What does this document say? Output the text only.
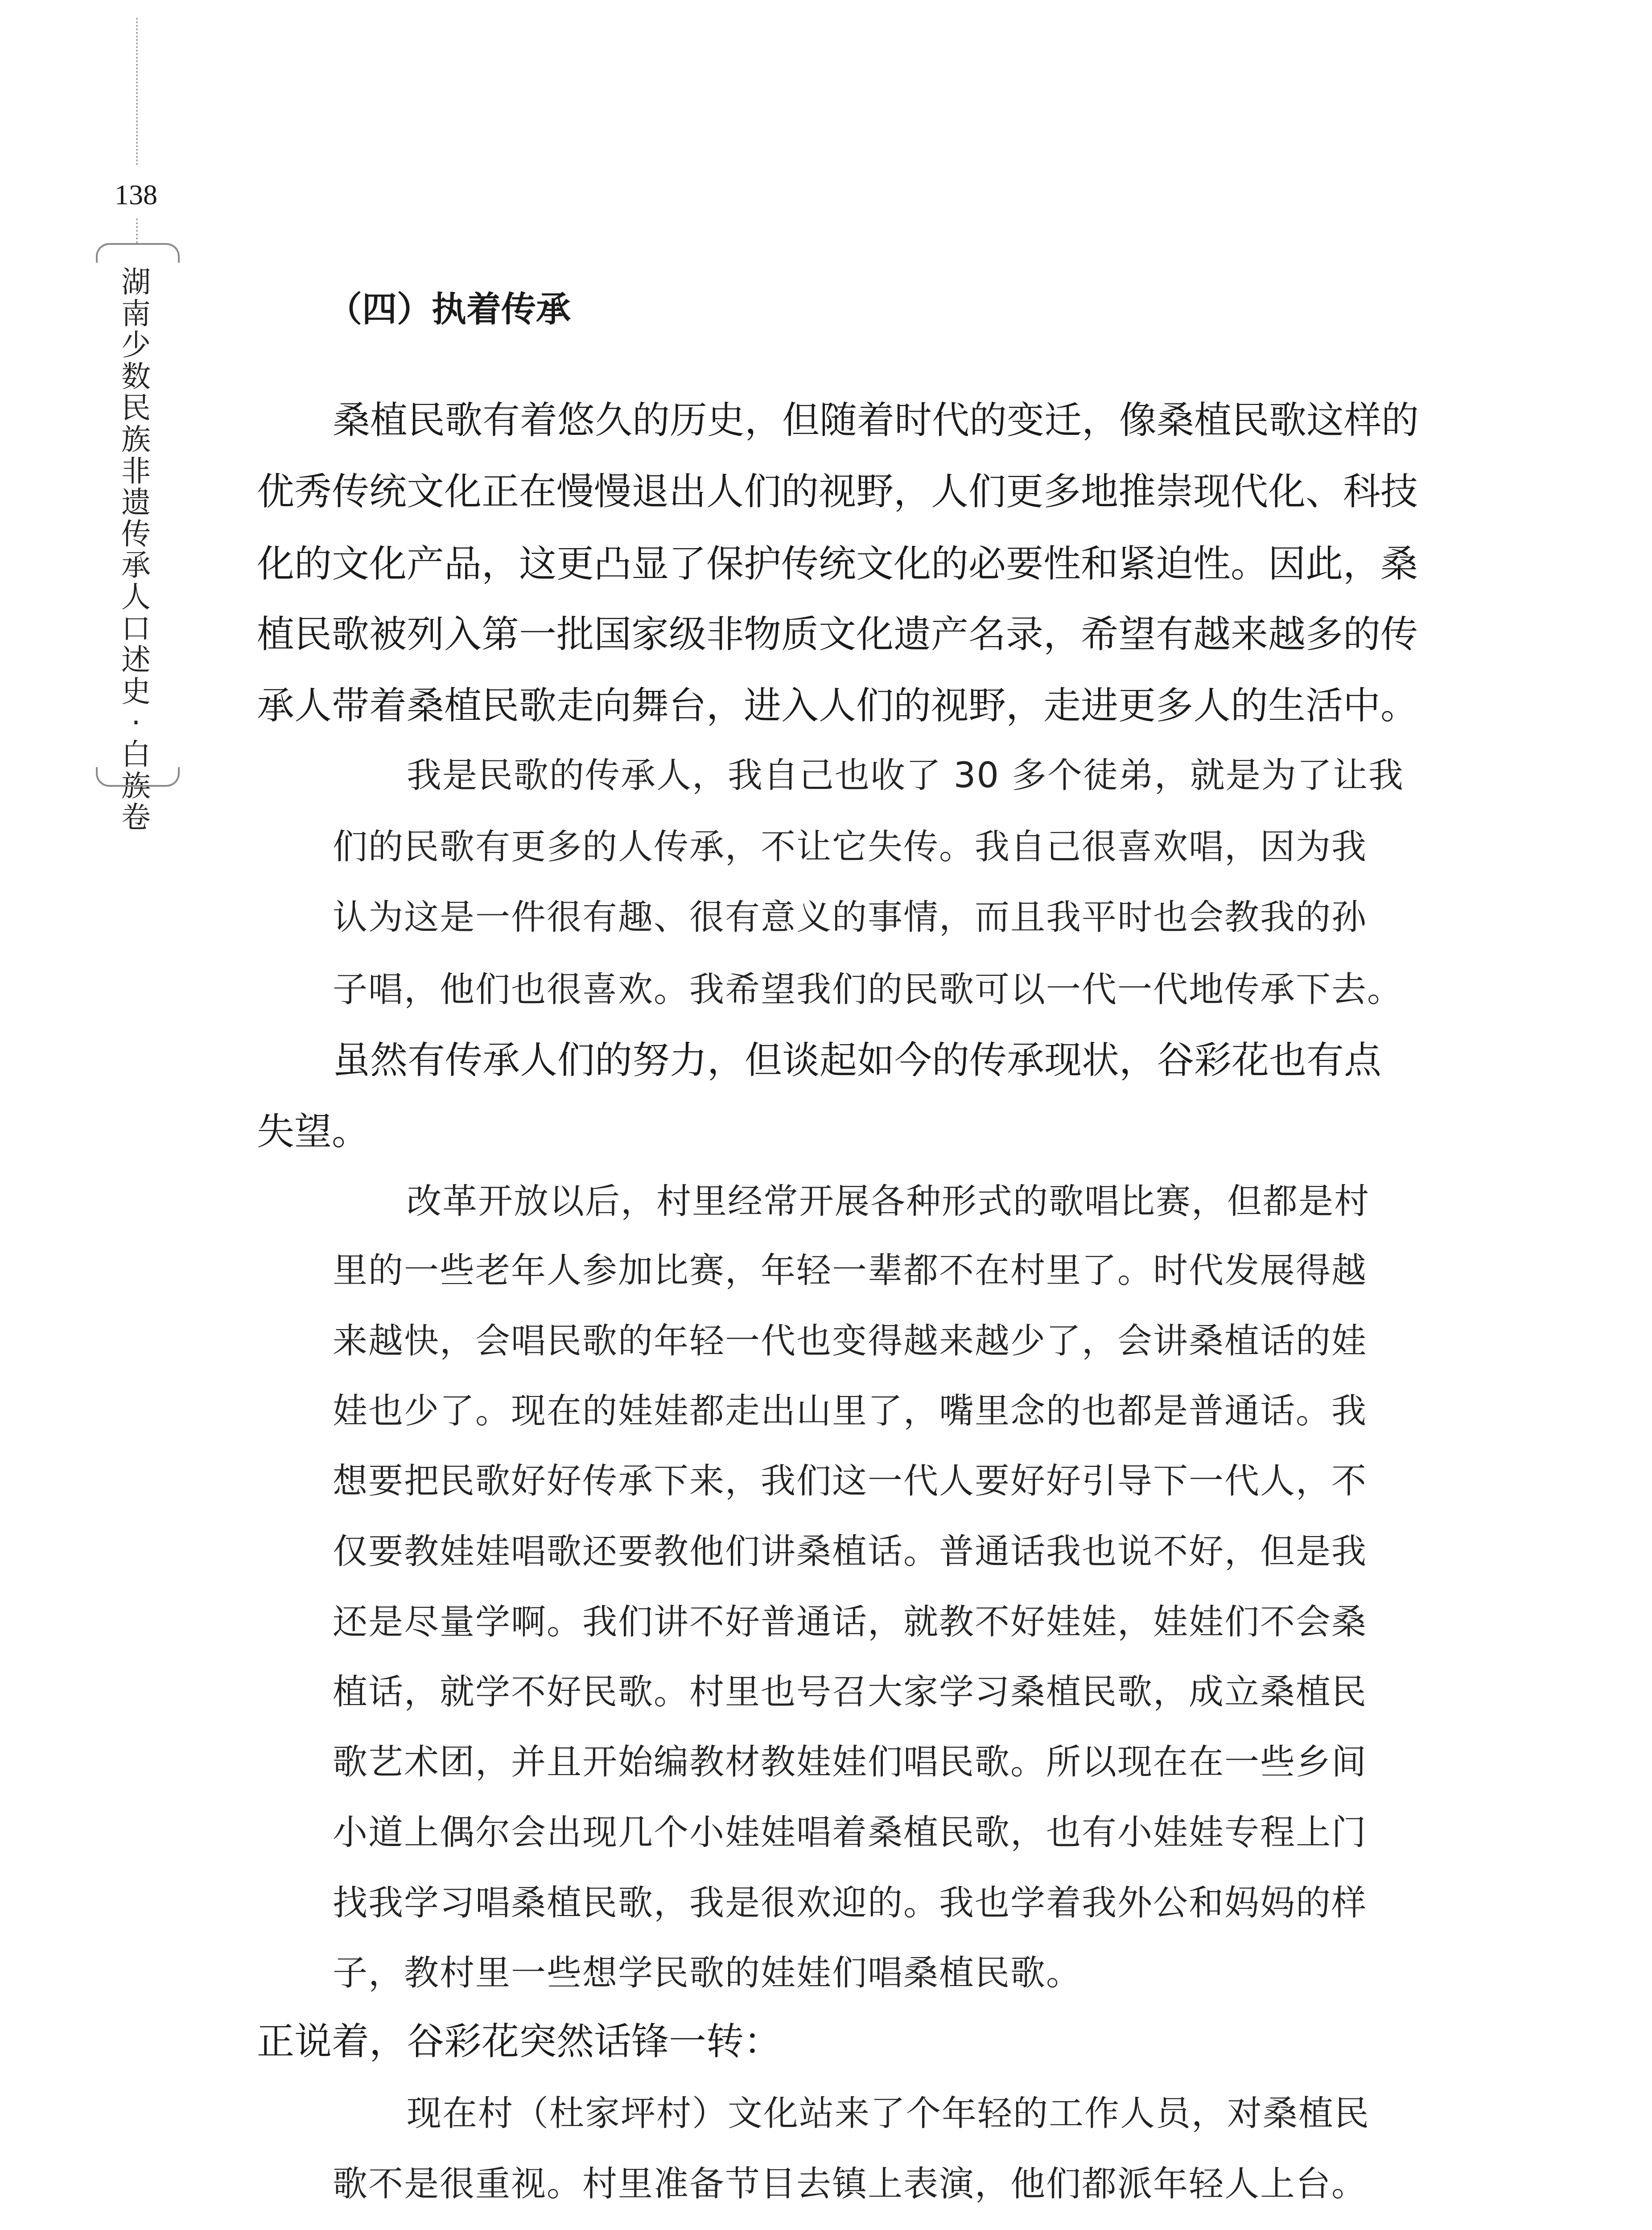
138
湖
南
少
数
民
族
非
遗
传
承
人
口
述
史
·
白
族
卷
（四）执着传承
桑植民歌有着悠久的历史，但随着时代的变迁，像桑植民歌这样的
优秀传统文化正在慢慢退出人们的视野，人们更多地推崇现代化、科技
化的文化产品，这更凸显了保护传统文化的必要性和紧迫性。因此，桑
植民歌被列入第一批国家级非物质文化遗产名录，希望有越来越多的传
承人带着桑植民歌走向舞台，进入人们的视野，走进更多人的生活中。
我是民歌的传承人，我自己也收了 30 多个徒弟，就是为了让我
们的民歌有更多的人传承，不让它失传。我自己很喜欢唱，因为我
认为这是一件很有趣、很有意义的事情，而且我平时也会教我的孙
子唱，他们也很喜欢。我希望我们的民歌可以一代一代地传承下去。
虽然有传承人们的努力，但谈起如今的传承现状，谷彩花也有点
失望。
改革开放以后，村里经常开展各种形式的歌唱比赛，但都是村
里的一些老年人参加比赛，年轻一辈都不在村里了。时代发展得越
来越快，会唱民歌的年轻一代也变得越来越少了，会讲桑植话的娃
娃也少了。现在的娃娃都走出山里了，嘴里念的也都是普通话。我
想要把民歌好好传承下来，我们这一代人要好好引导下一代人，不
仅要教娃娃唱歌还要教他们讲桑植话。普通话我也说不好，但是我
还是尽量学啊。我们讲不好普通话，就教不好娃娃，娃娃们不会桑
植话，就学不好民歌。村里也号召大家学习桑植民歌，成立桑植民
歌艺术团，并且开始编教材教娃娃们唱民歌。所以现在在一些乡间
小道上偶尔会出现几个小娃娃唱着桑植民歌，也有小娃娃专程上门
找我学习唱桑植民歌，我是很欢迎的。我也学着我外公和妈妈的样
子，教村里一些想学民歌的娃娃们唱桑植民歌。
正说着，谷彩花突然话锋一转：
现在村（杜家坪村）文化站来了个年轻的工作人员，对桑植民
歌不是很重视。村里准备节目去镇上表演，他们都派年轻人上台。
